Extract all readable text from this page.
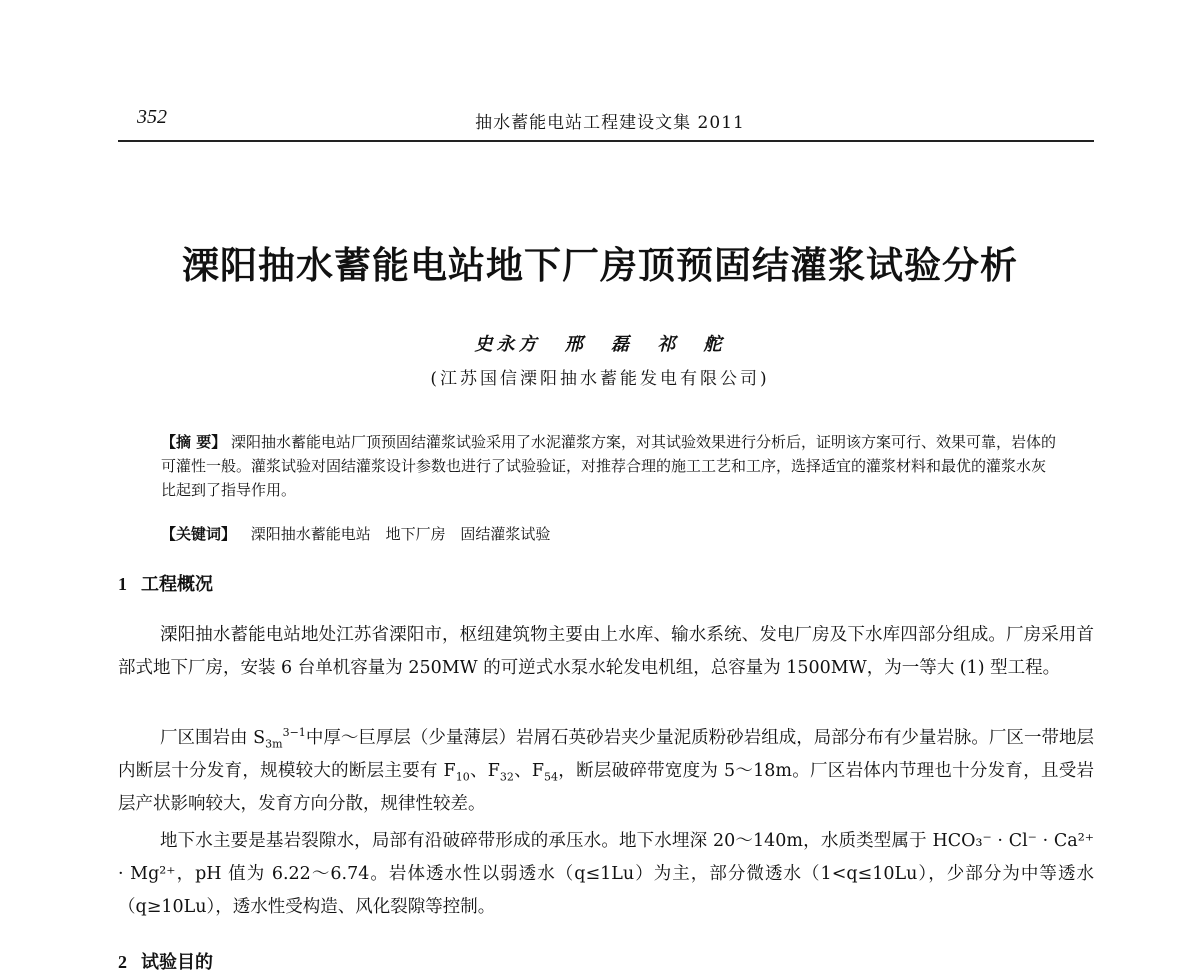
352	抽水蓄能电站工程建设文集 2011
溧阳抽水蓄能电站地下厂房顶预固结灌浆试验分析
史永方 邢 磊 祁 舵
(江苏国信溧阳抽水蓄能发电有限公司)

【摘 要】 溧阳抽水蓄能电站厂顶预固结灌浆试验采用了水泥灌浆方案，对其试验效果进行分析后，证明该方案可行、效果可靠，岩体的可灌性一般。灌浆试验对固结灌浆设计参数也进行了试验验证，对推荐合理的施工工艺和工序，选择适宜的灌浆材料和最优的灌浆水灰比起到了指导作用。

【关键词】 溧阳抽水蓄能电站 地下厂房 固结灌浆试验

1 工程概况

溧阳抽水蓄能电站地处江苏省溧阳市，枢纽建筑物主要由上水库、输水系统、发电厂房及下水库四部分组成。厂房采用首部式地下厂房，安装 6 台单机容量为 250MW 的可逆式水泵水轮发电机组，总容量为 1500MW，为一等大 (1) 型工程。

厂区围岩由 $S_{3m}^{3-1}$中厚～巨厚层（少量薄层）岩屑石英砂岩夹少量泥质粉砂岩组成，局部分布有少量岩脉。厂区一带地层内断层十分发育，规模较大的断层主要有 $F_{10}$、$F_{32}$、$F_{54}$，断层破碎带宽度为 5～18m。厂区岩体内节理也十分发育，且受岩层产状影响较大，发育方向分散，规律性较差。

地下水主要是基岩裂隙水，局部有沿破碎带形成的承压水。地下水埋深 20～140m，水质类型属于 HCO₃⁻ · Cl⁻ · Ca²⁺ · Mg²⁺，pH 值为 6.22～6.74。岩体透水性以弱透水（q≤1Lu）为主，部分微透水（1<q≤10Lu），少部分为中等透水（q≥10Lu），透水性受构造、风化裂隙等控制。

2 试验目的
